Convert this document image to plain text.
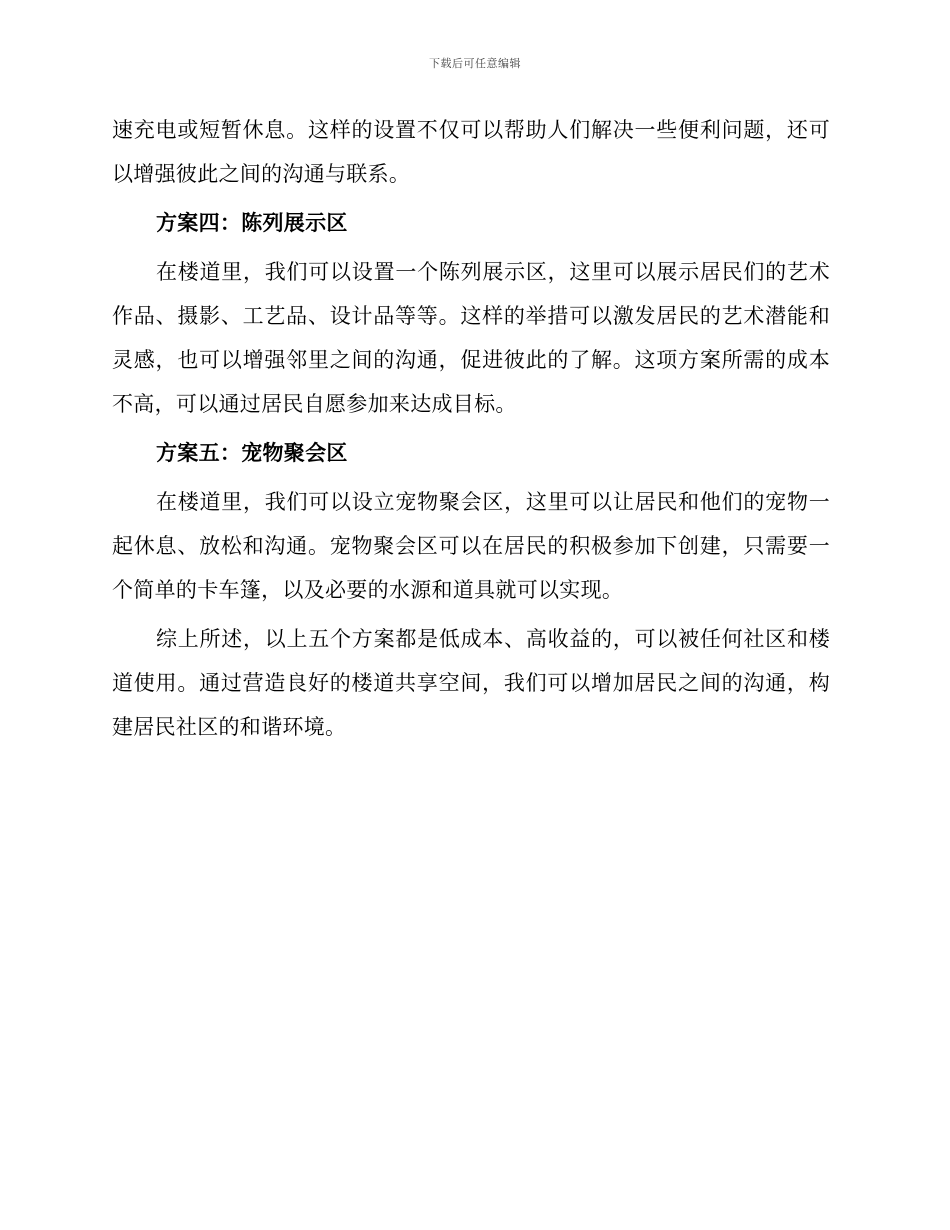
下载后可任意编辑

速充电或短暂休息。这样的设置不仅可以帮助人们解决一些便利问题，还可以增强彼此之间的沟通与联系。

方案四：陈列展示区

在楼道里，我们可以设置一个陈列展示区，这里可以展示居民们的艺术作品、摄影、工艺品、设计品等等。这样的举措可以激发居民的艺术潜能和灵感，也可以增强邻里之间的沟通，促进彼此的了解。这项方案所需的成本不高，可以通过居民自愿参加来达成目标。

方案五：宠物聚会区

在楼道里，我们可以设立宠物聚会区，这里可以让居民和他们的宠物一起休息、放松和沟通。宠物聚会区可以在居民的积极参加下创建，只需要一个简单的卡车篷，以及必要的水源和道具就可以实现。

综上所述，以上五个方案都是低成本、高收益的，可以被任何社区和楼道使用。通过营造良好的楼道共享空间，我们可以增加居民之间的沟通，构建居民社区的和谐环境。
